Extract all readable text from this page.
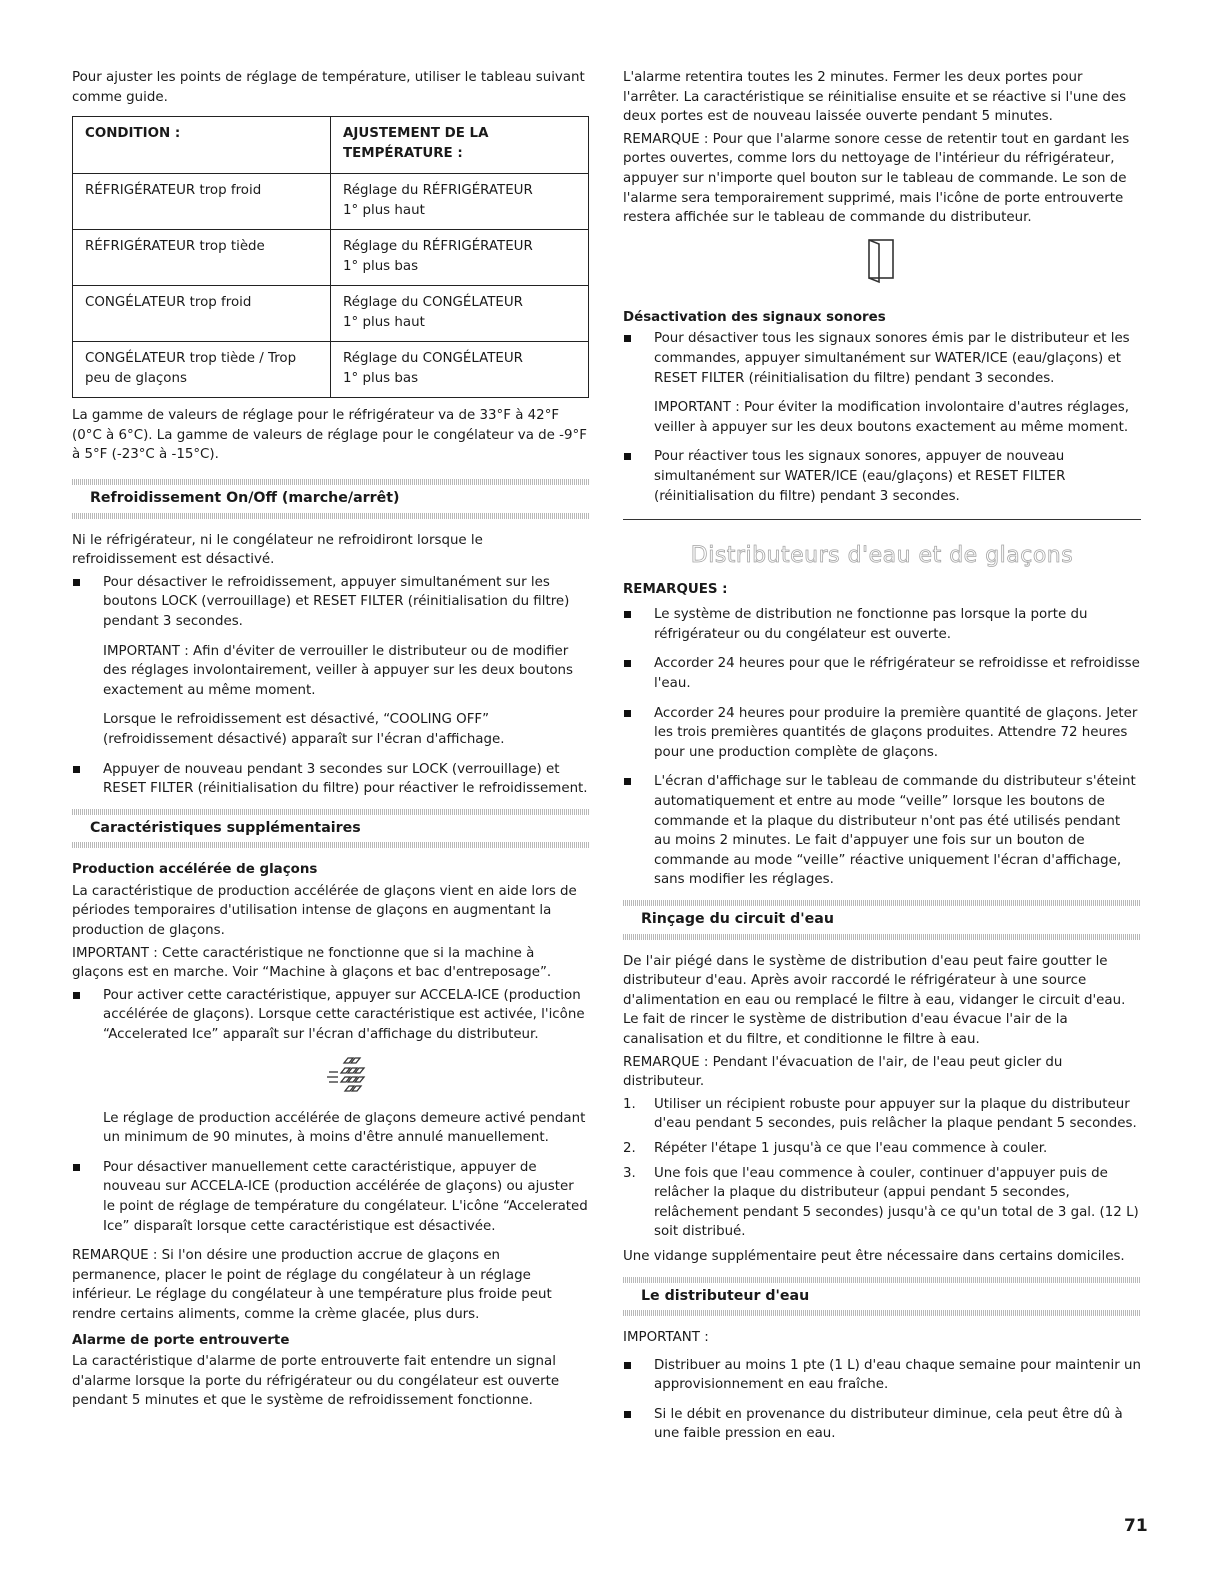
Pour ajuster les points de réglage de température, utiliser le tableau suivant comme guide.

CONDITION :	AJUSTEMENT DE LA TEMPÉRATURE :
RÉFRIGÉRATEUR trop froid	Réglage du RÉFRIGÉRATEUR
1° plus haut

RÉFRIGÉRATEUR trop tiède	Réglage du RÉFRIGÉRATEUR
1° plus bas

CONGÉLATEUR trop froid	Réglage du CONGÉLATEUR
1° plus haut

CONGÉLATEUR trop tiède / Trop peu de glaçons	Réglage du CONGÉLATEUR
1° plus bas

La gamme de valeurs de réglage pour le réfrigérateur va de 33°F à 42°F (0°C à 6°C). La gamme de valeurs de réglage pour le congélateur va de -9°F à 5°F (-23°C à -15°C).

Refroidissement On/Off (marche/arrêt)

Ni le réfrigérateur, ni le congélateur ne refroidiront lorsque le refroidissement est désactivé.

Pour désactiver le refroidissement, appuyer simultanément sur les boutons LOCK (verrouillage) et RESET FILTER (réinitialisation du filtre) pendant 3 secondes.

IMPORTANT : Afin d'éviter de verrouiller le distributeur ou de modifier des réglages involontairement, veiller à appuyer sur les deux boutons exactement au même moment.

Lorsque le refroidissement est désactivé, “COOLING OFF” (refroidissement désactivé) apparaît sur l'écran d'affichage.

Appuyer de nouveau pendant 3 secondes sur LOCK (verrouillage) et RESET FILTER (réinitialisation du filtre) pour réactiver le refroidissement.

Caractéristiques supplémentaires
Production accélérée de glaçons

La caractéristique de production accélérée de glaçons vient en aide lors de périodes temporaires d'utilisation intense de glaçons en augmentant la production de glaçons.

IMPORTANT : Cette caractéristique ne fonctionne que si la machine à glaçons est en marche. Voir “Machine à glaçons et bac d'entreposage”.

Pour activer cette caractéristique, appuyer sur ACCELA-ICE (production accélérée de glaçons). Lorsque cette caractéristique est activée, l'icône “Accelerated Ice” apparaît sur l'écran d'affichage du distributeur.

Le réglage de production accélérée de glaçons demeure activé pendant un minimum de 90 minutes, à moins d'être annulé manuellement.

Pour désactiver manuellement cette caractéristique, appuyer de nouveau sur ACCELA-ICE (production accélérée de glaçons) ou ajuster le point de réglage de température du congélateur. L'icône “Accelerated Ice” disparaît lorsque cette caractéristique est désactivée.

REMARQUE : Si l'on désire une production accrue de glaçons en permanence, placer le point de réglage du congélateur à un réglage inférieur. Le réglage du congélateur à une température plus froide peut rendre certains aliments, comme la crème glacée, plus durs.

Alarme de porte entrouverte

La caractéristique d'alarme de porte entrouverte fait entendre un signal d'alarme lorsque la porte du réfrigérateur ou du congélateur est ouverte pendant 5 minutes et que le système de refroidissement fonctionne.

L'alarme retentira toutes les 2 minutes. Fermer les deux portes pour l'arrêter. La caractéristique se réinitialise ensuite et se réactive si l'une des deux portes est de nouveau laissée ouverte pendant 5 minutes.

REMARQUE : Pour que l'alarme sonore cesse de retentir tout en gardant les portes ouvertes, comme lors du nettoyage de l'intérieur du réfrigérateur, appuyer sur n'importe quel bouton sur le tableau de commande. Le son de l'alarme sera temporairement supprimé, mais l'icône de porte entrouverte restera affichée sur le tableau de commande du distributeur.

Désactivation des signaux sonores

Pour désactiver tous les signaux sonores émis par le distributeur et les commandes, appuyer simultanément sur WATER/ICE (eau/glaçons) et RESET FILTER (réinitialisation du filtre) pendant 3 secondes.

IMPORTANT : Pour éviter la modification involontaire d'autres réglages, veiller à appuyer sur les deux boutons exactement au même moment.

Pour réactiver tous les signaux sonores, appuyer de nouveau simultanément sur WATER/ICE (eau/glaçons) et RESET FILTER (réinitialisation du filtre) pendant 3 secondes.

Distributeurs d'eau et de glaçons
REMARQUES :
Le système de distribution ne fonctionne pas lorsque la porte du réfrigérateur ou du congélateur est ouverte.
Accorder 24 heures pour que le réfrigérateur se refroidisse et refroidisse l'eau.
Accorder 24 heures pour produire la première quantité de glaçons. Jeter les trois premières quantités de glaçons produites. Attendre 72 heures pour une production complète de glaçons.
L'écran d'affichage sur le tableau de commande du distributeur s'éteint automatiquement et entre au mode “veille” lorsque les boutons de commande et la plaque du distributeur n'ont pas été utilisés pendant au moins 2 minutes. Le fait d'appuyer une fois sur un bouton de commande au mode “veille” réactive uniquement l'écran d'affichage, sans modifier les réglages.
Rinçage du circuit d'eau

De l'air piégé dans le système de distribution d'eau peut faire goutter le distributeur d'eau. Après avoir raccordé le réfrigérateur à une source d'alimentation en eau ou remplacé le filtre à eau, vidanger le circuit d'eau. Le fait de rincer le système de distribution d'eau évacue l'air de la canalisation et du filtre, et conditionne le filtre à eau.

REMARQUE : Pendant l'évacuation de l'air, de l'eau peut gicler du distributeur.

1. Utiliser un récipient robuste pour appuyer sur la plaque du distributeur d'eau pendant 5 secondes, puis relâcher la plaque pendant 5 secondes.
2. Répéter l'étape 1 jusqu'à ce que l'eau commence à couler.
3. Une fois que l'eau commence à couler, continuer d'appuyer puis de relâcher la plaque du distributeur (appui pendant 5 secondes, relâchement pendant 5 secondes) jusqu'à ce qu'un total de 3 gal. (12 L) soit distribué.

Une vidange supplémentaire peut être nécessaire dans certains domiciles.

Le distributeur d'eau
IMPORTANT :
Distribuer au moins 1 pte (1 L) d'eau chaque semaine pour maintenir un approvisionnement en eau fraîche.
Si le débit en provenance du distributeur diminue, cela peut être dû à une faible pression en eau.
71
